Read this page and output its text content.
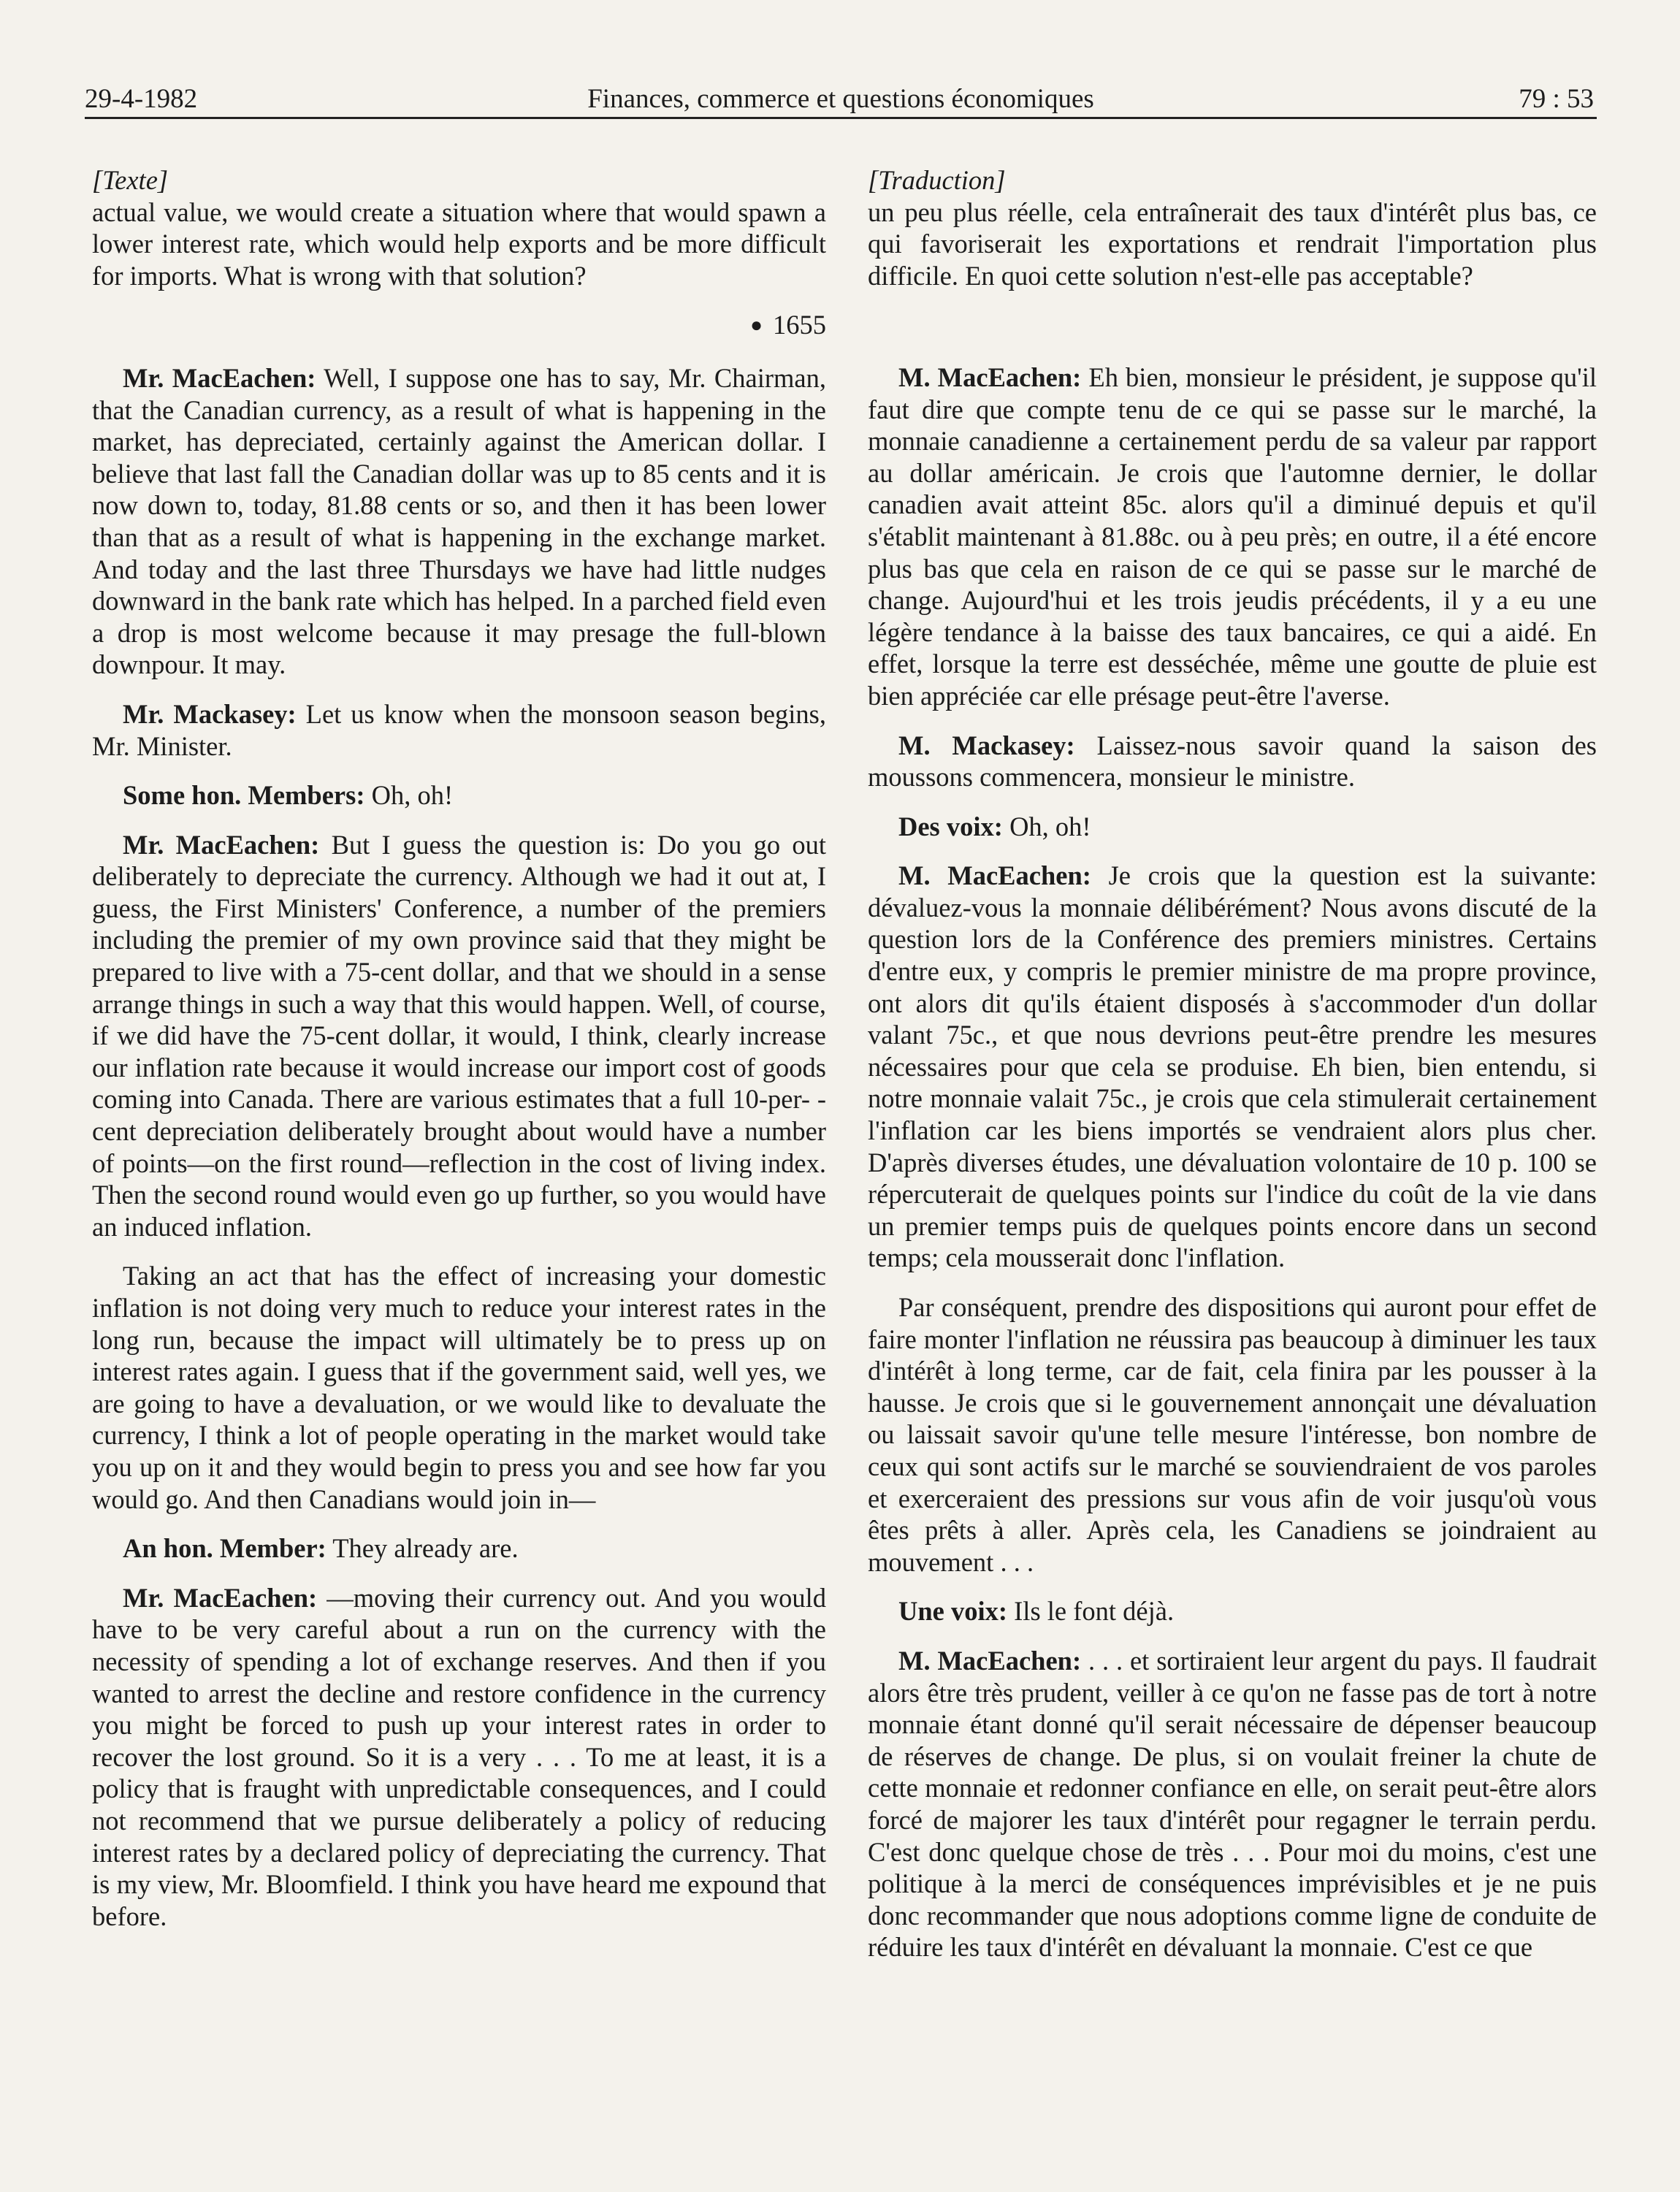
29-4-1982	Finances, commerce et questions économiques	79 : 53

[Texte]

actual value, we would create a situation where that would spawn a lower interest rate, which would help exports and be more difficult for imports. What is wrong with that solution?

● 1655

Mr. MacEachen: Well, I suppose one has to say, Mr. Chairman, that the Canadian currency, as a result of what is happening in the market, has depreciated, certainly against the American dollar. I believe that last fall the Canadian dollar was up to 85 cents and it is now down to, today, 81.88 cents or so, and then it has been lower than that as a result of what is happening in the exchange market. And today and the last three Thursdays we have had little nudges downward in the bank rate which has helped. In a parched field even a drop is most welcome because it may presage the full-blown downpour. It may.

Mr. Mackasey: Let us know when the monsoon season begins, Mr. Minister.

Some hon. Members: Oh, oh!

Mr. MacEachen: But I guess the question is: Do you go out deliberately to depreciate the currency. Although we had it out at, I guess, the First Ministers' Conference, a number of the premiers including the premier of my own province said that they might be prepared to live with a 75-cent dollar, and that we should in a sense arrange things in such a way that this would happen. Well, of course, if we did have the 75-cent dollar, it would, I think, clearly increase our inflation rate because it would increase our import cost of goods coming into Canada. There are various estimates that a full 10-per- -cent depreciation deliberately brought about would have a number of points—on the first round—reflection in the cost of living index. Then the second round would even go up further, so you would have an induced inflation.

Taking an act that has the effect of increasing your domestic inflation is not doing very much to reduce your interest rates in the long run, because the impact will ultimately be to press up on interest rates again. I guess that if the government said, well yes, we are going to have a devaluation, or we would like to devaluate the currency, I think a lot of people operating in the market would take you up on it and they would begin to press you and see how far you would go. And then Canadians would join in—

An hon. Member: They already are.

Mr. MacEachen: —moving their currency out. And you would have to be very careful about a run on the currency with the necessity of spending a lot of exchange reserves. And then if you wanted to arrest the decline and restore confidence in the currency you might be forced to push up your interest rates in order to recover the lost ground. So it is a very . . . To me at least, it is a policy that is fraught with unpredictable consequences, and I could not recommend that we pursue deliberately a policy of reducing interest rates by a declared policy of depreciating the currency. That is my view, Mr. Bloomfield. I think you have heard me expound that before.

[Traduction]

un peu plus réelle, cela entraînerait des taux d'intérêt plus bas, ce qui favoriserait les exportations et rendrait l'importation plus difficile. En quoi cette solution n'est-elle pas acceptable?

M. MacEachen: Eh bien, monsieur le président, je suppose qu'il faut dire que compte tenu de ce qui se passe sur le marché, la monnaie canadienne a certainement perdu de sa valeur par rapport au dollar américain. Je crois que l'automne dernier, le dollar canadien avait atteint 85c. alors qu'il a diminué depuis et qu'il s'établit maintenant à 81.88c. ou à peu près; en outre, il a été encore plus bas que cela en raison de ce qui se passe sur le marché de change. Aujourd'hui et les trois jeudis précédents, il y a eu une légère tendance à la baisse des taux bancaires, ce qui a aidé. En effet, lorsque la terre est desséchée, même une goutte de pluie est bien appréciée car elle présage peut-être l'averse.

M. Mackasey: Laissez-nous savoir quand la saison des moussons commencera, monsieur le ministre.

Des voix: Oh, oh!

M. MacEachen: Je crois que la question est la suivante: dévaluez-vous la monnaie délibérément? Nous avons discuté de la question lors de la Conférence des premiers ministres. Certains d'entre eux, y compris le premier ministre de ma propre province, ont alors dit qu'ils étaient disposés à s'accommoder d'un dollar valant 75c., et que nous devrions peut-être prendre les mesures nécessaires pour que cela se produise. Eh bien, bien entendu, si notre monnaie valait 75c., je crois que cela stimulerait certainement l'inflation car les biens importés se vendraient alors plus cher. D'après diverses études, une dévaluation volontaire de 10 p. 100 se répercuterait de quelques points sur l'indice du coût de la vie dans un premier temps puis de quelques points encore dans un second temps; cela mousserait donc l'inflation.

Par conséquent, prendre des dispositions qui auront pour effet de faire monter l'inflation ne réussira pas beaucoup à diminuer les taux d'intérêt à long terme, car de fait, cela finira par les pousser à la hausse. Je crois que si le gouvernement annonçait une dévaluation ou laissait savoir qu'une telle mesure l'intéresse, bon nombre de ceux qui sont actifs sur le marché se souviendraient de vos paroles et exerceraient des pressions sur vous afin de voir jusqu'où vous êtes prêts à aller. Après cela, les Canadiens se joindraient au mouvement . . .

Une voix: Ils le font déjà.

M. MacEachen: . . . et sortiraient leur argent du pays. Il faudrait alors être très prudent, veiller à ce qu'on ne fasse pas de tort à notre monnaie étant donné qu'il serait nécessaire de dépenser beaucoup de réserves de change. De plus, si on voulait freiner la chute de cette monnaie et redonner confiance en elle, on serait peut-être alors forcé de majorer les taux d'intérêt pour regagner le terrain perdu. C'est donc quelque chose de très . . . Pour moi du moins, c'est une politique à la merci de conséquences imprévisibles et je ne puis donc recommander que nous adoptions comme ligne de conduite de réduire les taux d'intérêt en dévaluant la monnaie. C'est ce que
